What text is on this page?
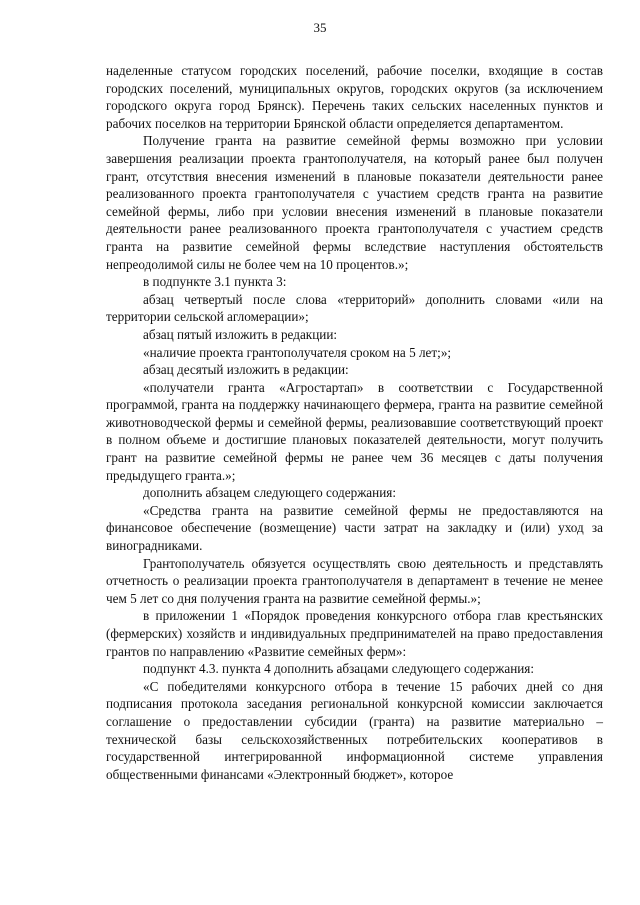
35

наделенные статусом городских поселений, рабочие поселки, входящие в состав городских поселений, муниципальных округов, городских округов (за исключением городского округа город Брянск). Перечень таких сельских населенных пунктов и рабочих поселков на территории Брянской области определяется департаментом.

Получение гранта на развитие семейной фермы возможно при условии завершения реализации проекта грантополучателя, на который ранее был получен грант, отсутствия внесения изменений в плановые показатели деятельности ранее реализованного проекта грантополучателя с участием средств гранта на развитие семейной фермы, либо при условии внесения изменений в плановые показатели деятельности ранее реализованного проекта грантополучателя с участием средств гранта на развитие семейной фермы вследствие наступления обстоятельств непреодолимой силы не более чем на 10 процентов.»;

в подпункте 3.1 пункта 3:

абзац четвертый после слова «территорий» дополнить словами «или на территории сельской агломерации»;

абзац пятый изложить в редакции:

«наличие проекта грантополучателя сроком на 5 лет;»;

абзац десятый изложить в редакции:

«получатели гранта «Агростартап» в соответствии с Государственной программой, гранта на поддержку начинающего фермера, гранта на развитие семейной животноводческой фермы и семейной фермы, реализовавшие соответствующий проект в полном объеме и достигшие плановых показателей деятельности, могут получить грант на развитие семейной фермы не ранее чем 36 месяцев с даты получения предыдущего гранта.»;

дополнить абзацем следующего содержания:

«Средства гранта на развитие семейной фермы не предоставляются на финансовое обеспечение (возмещение) части затрат на закладку и (или) уход за виноградниками.

Грантополучатель обязуется осуществлять свою деятельность и представлять отчетность о реализации проекта грантополучателя в департамент в течение не менее чем 5 лет со дня получения гранта на развитие семейной фермы.»;

в приложении 1 «Порядок проведения конкурсного отбора глав крестьянских (фермерских) хозяйств и индивидуальных предпринимателей на право предоставления грантов по направлению «Развитие семейных ферм»:

подпункт 4.3. пункта 4 дополнить абзацами следующего содержания:

«С победителями конкурсного отбора в течение 15 рабочих дней со дня подписания протокола заседания региональной конкурсной комиссии заключается соглашение о предоставлении субсидии (гранта) на развитие материально – технической базы сельскохозяйственных потребительских кооперативов в государственной интегрированной информационной системе управления общественными финансами «Электронный бюджет», которое
